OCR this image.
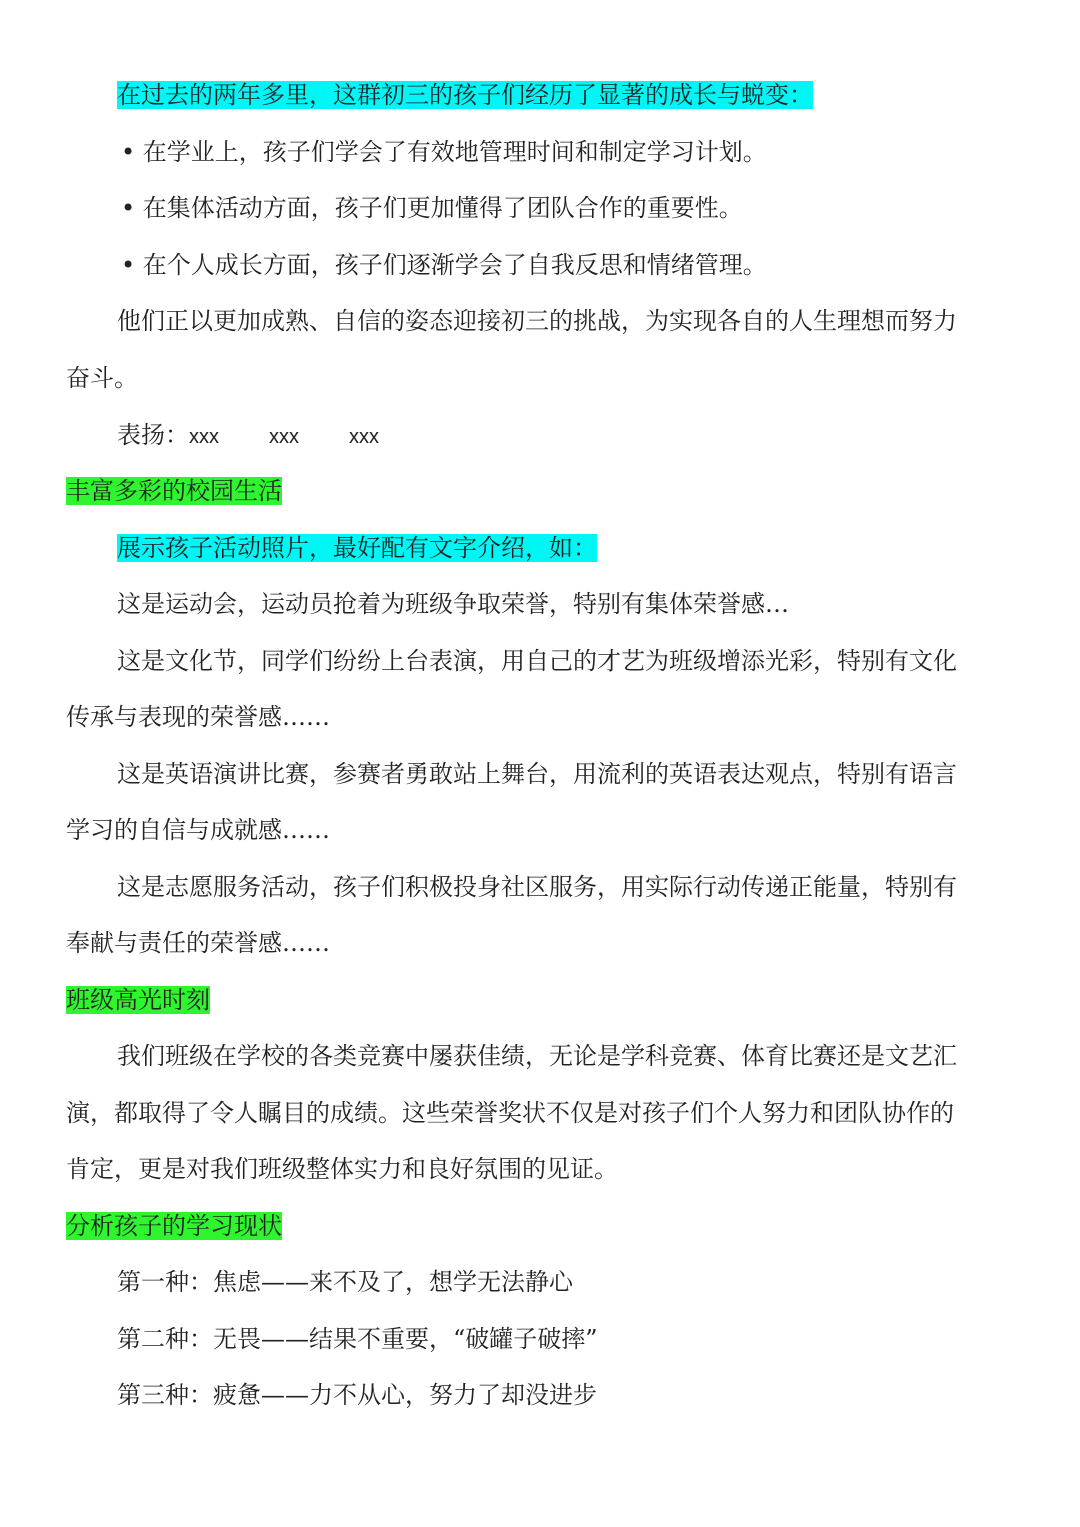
在过去的两年多里，这群初三的孩子们经历了显著的成长与蜕变：
• 在学业上，孩子们学会了有效地管理时间和制定学习计划。
• 在集体活动方面，孩子们更加懂得了团队合作的重要性。
• 在个人成长方面，孩子们逐渐学会了自我反思和情绪管理。
他们正以更加成熟、自信的姿态迎接初三的挑战，为实现各自的人生理想而努力
奋斗。
表扬：xxx	xxx	xxx
丰富多彩的校园生活
展示孩子活动照片，最好配有文字介绍，如：
这是运动会，运动员抢着为班级争取荣誉，特别有集体荣誉感…
这是文化节，同学们纷纷上台表演，用自己的才艺为班级增添光彩，特别有文化
传承与表现的荣誉感……
这是英语演讲比赛，参赛者勇敢站上舞台，用流利的英语表达观点，特别有语言
学习的自信与成就感……
这是志愿服务活动，孩子们积极投身社区服务，用实际行动传递正能量，特别有
奉献与责任的荣誉感……
班级高光时刻
我们班级在学校的各类竞赛中屡获佳绩，无论是学科竞赛、体育比赛还是文艺汇
演，都取得了令人瞩目的成绩。这些荣誉奖状不仅是对孩子们个人努力和团队协作的
肯定，更是对我们班级整体实力和良好氛围的见证。
分析孩子的学习现状
第一种：焦虑——来不及了，想学无法静心
第二种：无畏——结果不重要，“破罐子破摔”
第三种：疲惫——力不从心，努力了却没进步
